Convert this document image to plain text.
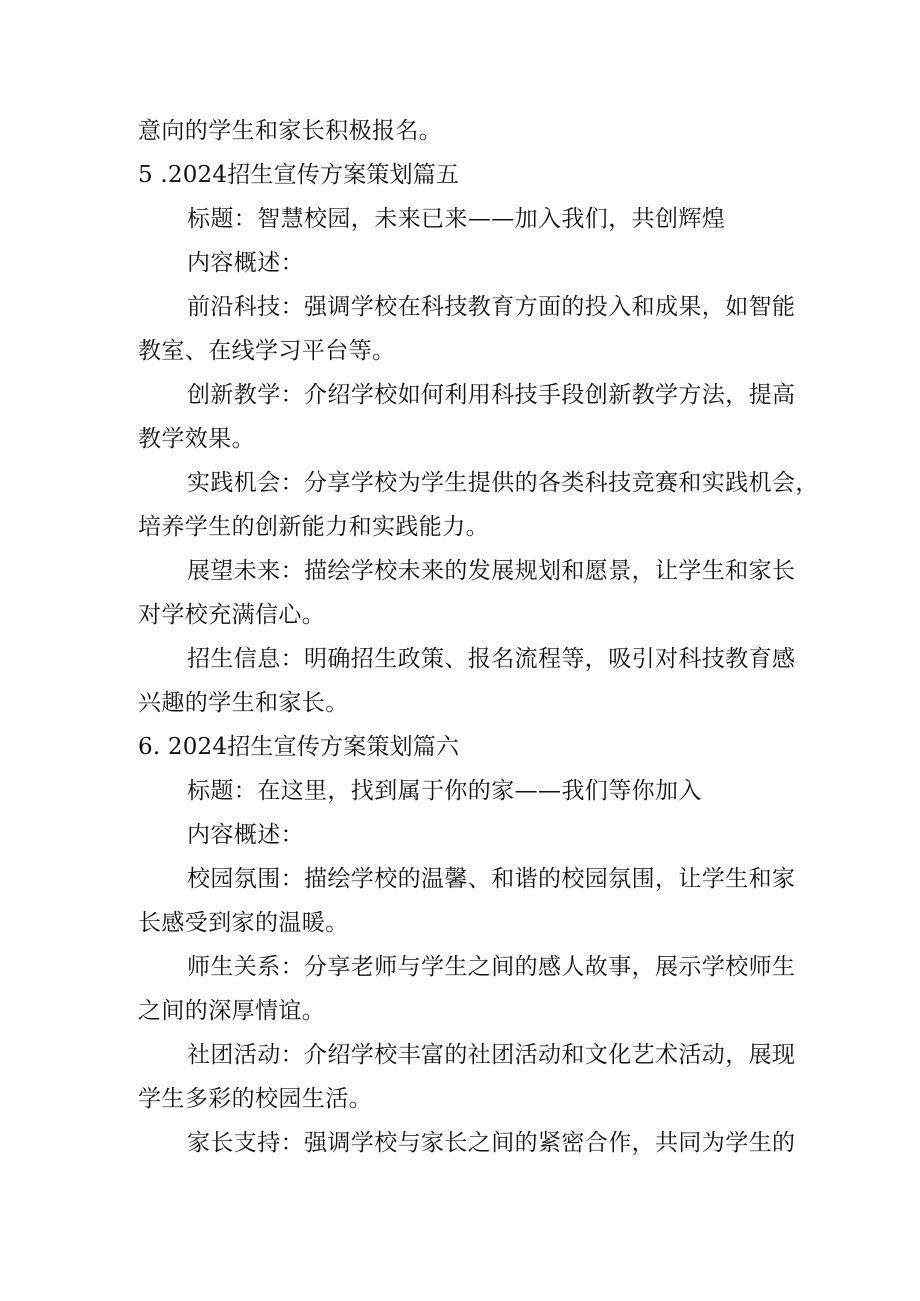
意向的学生和家长积极报名。
5 .2024招生宣传方案策划篇五
标题：智慧校园，未来已来——加入我们，共创辉煌
内容概述：
前沿科技：强调学校在科技教育方面的投入和成果，如智能
教室、在线学习平台等。
创新教学：介绍学校如何利用科技手段创新教学方法，提高
教学效果。
实践机会：分享学校为学生提供的各类科技竞赛和实践机会，
培养学生的创新能力和实践能力。
展望未来：描绘学校未来的发展规划和愿景，让学生和家长
对学校充满信心。
招生信息：明确招生政策、报名流程等，吸引对科技教育感
兴趣的学生和家长。
6. 2024招生宣传方案策划篇六
标题：在这里，找到属于你的家——我们等你加入
内容概述：
校园氛围：描绘学校的温馨、和谐的校园氛围，让学生和家
长感受到家的温暖。
师生关系：分享老师与学生之间的感人故事，展示学校师生
之间的深厚情谊。
社团活动：介绍学校丰富的社团活动和文化艺术活动，展现
学生多彩的校园生活。
家长支持：强调学校与家长之间的紧密合作，共同为学生的
